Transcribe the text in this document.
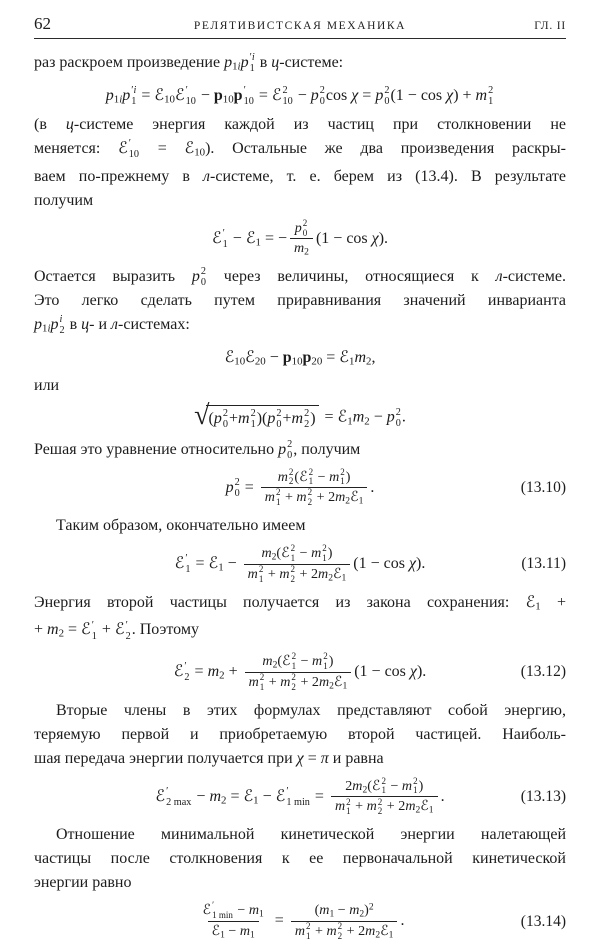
62	РЕЛЯТИВИСТСКАЯ МЕХАНИКА	ГЛ. II
раз раскроем произведение $p_{1i}p$ ′i
1 в ц-системе:
$p_{1i}p$ ′i
1 = ℰ$_{10}$ℰ ′
$10 - p_{10}p$ ′
10 = ℰ 2
10 − p 2
0 cos χ = p 2
0 (1 − cos χ) + m 2
1
(в ц-системе энергия каждой из частиц при столкновении не
меняется: ℰ ′
10 = ℰ$_{10}$). Остальные же два произведения раскры-
ваем по-прежнему в л-системе, т. е. берем из (13.4). В результате
получим
ℰ ′
1 − ℰ$_1$ = − p 2
0
$m_2$ (1 − cos χ).
Остается выразить p 2
0 через величины, относящиеся к л-системе.
Это легко сделать путем приравнивания значений инварианта
$p_{1i}p$ i
2 в ц- и л-системах:
ℰ$_{10}$ℰ$_{20}$ − $p_{10}p_{20}$ = $ℰ_1m_2$,
или
√ ( p 2
0 + m 2
1 )( p 2
0 + m 2
2 ) = $ℰ_1m_2 - p$ 2
0 .
Решая это уравнение относительно p 2
0 , получим
p 2
0 = m 2
2 (ℰ 2
1 − m 2
1 )
m 2
1 + m 2
$2 + 2m_2ℰ_1$ .	(13.10)
Таким образом, окончательно имеем
ℰ ′
1 = ℰ$_1$ − $m_2(ℰ$ 2
1 − m 2
1 )
m 2
1 + m 2
$2 + 2m_2ℰ_1$ (1 − cos χ).	(13.11)
Энергия второй частицы получается из закона сохранения: ℰ$_1$ +
+ $m_2$ = ℰ ′
1 + ℰ ′
2 . Поэтому
ℰ ′
$2 = m_2$ + $m_2(ℰ$ 2
1 − m 2
1 )
m 2
1 + m 2
$2 + 2m_2ℰ_1$ (1 − cos χ).	(13.12)
Вторые члены в этих формулах представляют собой энергию,
теряемую первой и приобретаемую второй частицей. Наиболь-
шая передача энергии получается при χ = π и равна
ℰ ′
2 $\max - m_2$ = ℰ$_1$ − ℰ ′
1 $\min = 2m_2(ℰ$ 2
1 − m 2
1 )
m 2
1 + m 2
$2 + 2m_2ℰ_1$ .	(13.13)
Отношение минимальной кинетической энергии налетающей
частицы после столкновения к ее первоначальной кинетической
энергии равно
ℰ ′
1 $\min - m_1$
ℰ$_1$ − $m_1 = (m_1 - m_2)^2$
m 2
1 + m 2
$2 + 2m_2ℰ_1$ .	(13.14)
